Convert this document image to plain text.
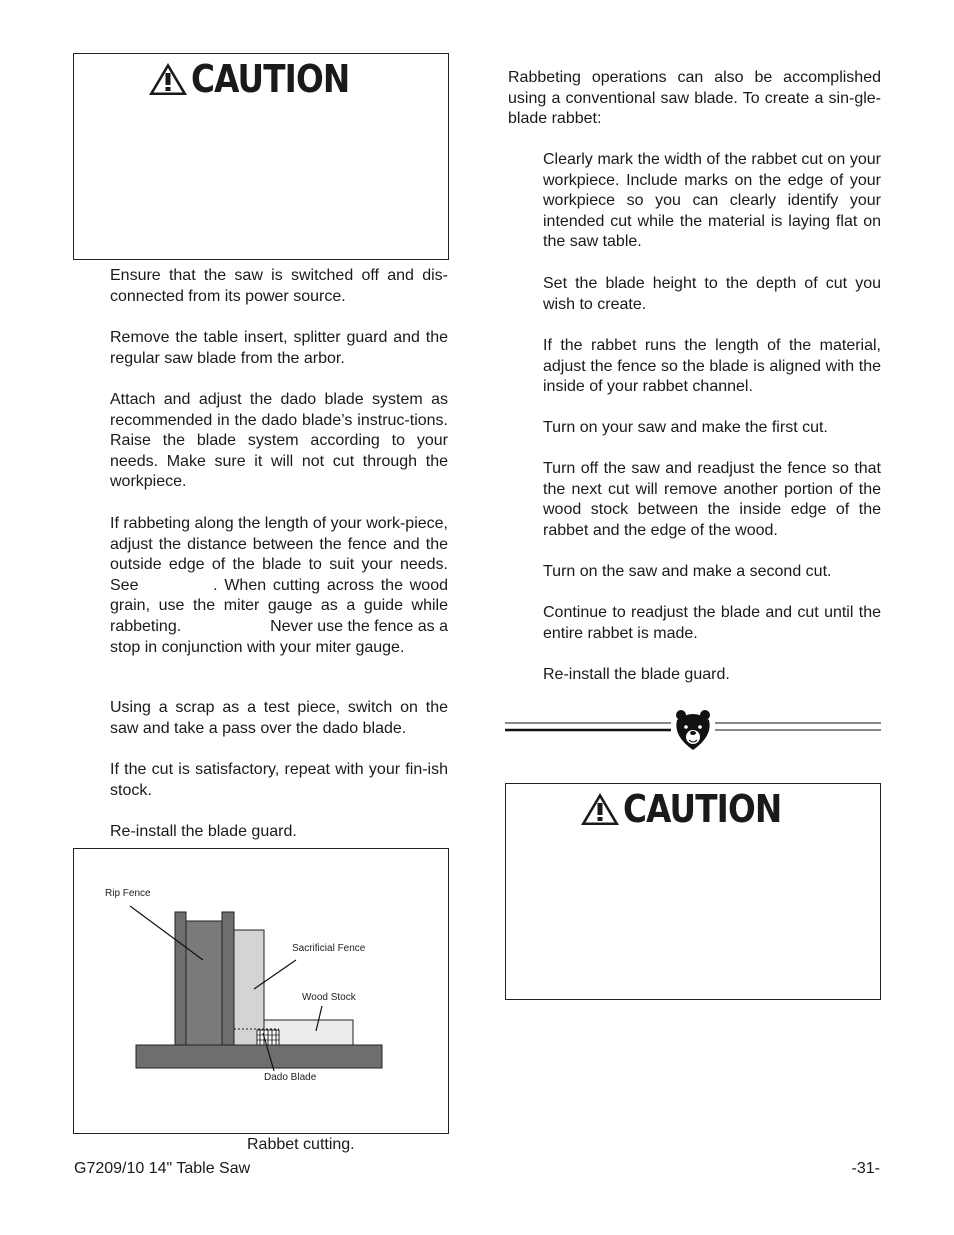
CAUTION

Ensure that the saw is switched off and dis-connected from its power source.

Remove the table insert, splitter guard and the regular saw blade from the arbor.

Attach and adjust the dado blade system as recommended in the dado blade’s instruc-tions. Raise the blade system according to your needs. Make sure it will not cut through the workpiece.

If rabbeting along the length of your work-piece, adjust the distance between the fence and the outside edge of the blade to suit your needs. See           . When cutting across the wood grain, use the miter gauge as a guide while rabbeting.                    Never use the fence as a stop in conjunction with your miter gauge.

Using a scrap as a test piece, switch on the saw and take a pass over the dado blade.

If the cut is satisfactory, repeat with your fin-ish stock.

Re-install the blade guard.

Rip Fence
Sacrificial Fence
Wood Stock
Dado Blade
Rabbet cutting.

Rabbeting operations can also be accomplished using a conventional saw blade. To create a sin-gle-blade rabbet:

Clearly mark the width of the rabbet cut on your workpiece. Include marks on the edge of your workpiece so you can clearly identify your intended cut while the material is laying flat on the saw table.

Set the blade height to the depth of cut you wish to create.

If the rabbet runs the length of the material, adjust the fence so the blade is aligned with the inside of your rabbet channel.

Turn on your saw and make the first cut.

Turn off the saw and readjust the fence so that the next cut will remove another portion of the wood stock between the inside edge of the rabbet and the edge of the wood.

Turn on the saw and make a second cut.

Continue to readjust the blade and cut until the entire rabbet is made.

Re-install the blade guard.

CAUTION
G7209/10 14" Table Saw	-31-
